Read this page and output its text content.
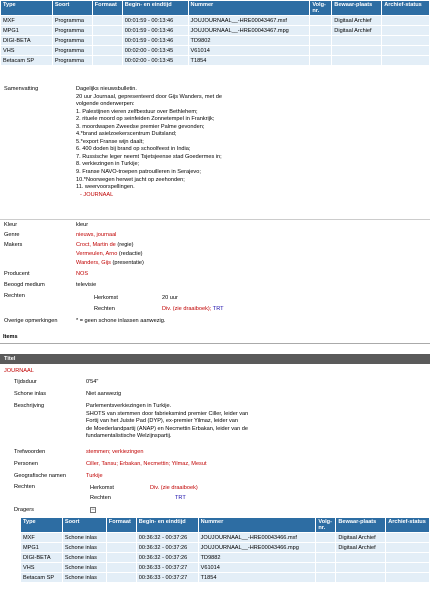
Type	Soort	Formaat	Begin- en eindtijd	Nummer	Volg-nr.	Bewaar-plaats	Archief-status
MXF	Programma		00:01:59 - 00:13:46	JOUJOURNAAL__-HRE00043467.mxf		Digitaal Archief	
MPG1	Programma		00:01:59 - 00:13:46	JOUJOURNAAL__-HRE00043467.mpg		Digitaal Archief	
DIGI-BETA	Programma		00:01:59 - 00:13:46	TD9802			
VHS	Programma		00:02:00 - 00:13:45	V61014			
Betacam SP	Programma		00:02:00 - 00:13:45	T1854			
Samenvatting	Dagelijks nieuwsbulletin.
20 uur Journaal, gepresenteerd door Gijs Wanders, met de
volgende onderwerpen:
1. Palestijnen vieren zelfbestuur over Bethlehem;
2. rituele moord op seinfeiden Zonnetempel in Frankrijk;
3. moordwapen Zweedse premier Palme gevonden;
4.*brand asielzoekerscentrum Duitsland;
5.*export Franse wijn daalt;
6. 400 doden bij brand op schoolfeest in India;
7. Russische leger neemt Tsjetsjeense stad Goedermes in;
8. verkiezingen in Turkije;
9. Franse NAVO-troepen patrouilleren in Serajevo;
10.*Noorwegen herwet jacht op zeehonden;
11. weervoorspellingen.
- JOURNAAL
Kleur	kleur
Genre	nieuws, journaal
Makers	Croct, Martin de (regie)
Vermeulen, Arno (redactie)
Wanders, Gijs (presentatie)
Producent	NOS
Beoogd medium	televisie
Rechten	Herkomst	20 uur
Rechten	Div. (zie draaiboek); TRT
Overige opmerkingen	* = geen schone inlassen aanwezig.
Items
Titel
JOURNAAL
Tijdsduur	0'54"
Schone inlas	Niet aanwezig
Beschrijving	Parlementsverkiezingen in Turkije.
SHOTS van stemmen door fabrieksmind premier Ciller, leider van
Fortij van het Juiste Pad (DYP), ex-premier Yilmaz, leider van
de Moederlandpartij (ANAP) en Necmettin Erbakan, leider van de
fundamentalistische Welzijnspartij.
Trefwoorden	stemmen; verkiezingen
Personen	Ciller, Tansu; Erbakan, Necmettin; Yilmaz, Mesut
Geografische namen	Turkije
Rechten	Herkomst	Div. (zie draaiboek)
Rechten	TRT
Dragers	−
Type	Soort	Formaat	Begin- en eindtijd	Nummer	Volg-nr.	Bewaar-plaats	Archief-status
MXF	Schone inlas		00:36:32 - 00:37:26	JOUJOURNAAL__-HRE00043466.mxf		Digitaal Archief	
MPG1	Schone inlas		00:36:32 - 00:37:26	JOUJOURNAAL__-HRE00043466.mpg		Digitaal Archief	
DIGI-BETA	Schone inlas		00:36:32 - 00:37:26	TD9882			
VHS	Schone inlas		00:36:33 - 00:37:27	V61014			
Betacam SP	Schone inlas		00:36:33 - 00:37:27	T1854			
